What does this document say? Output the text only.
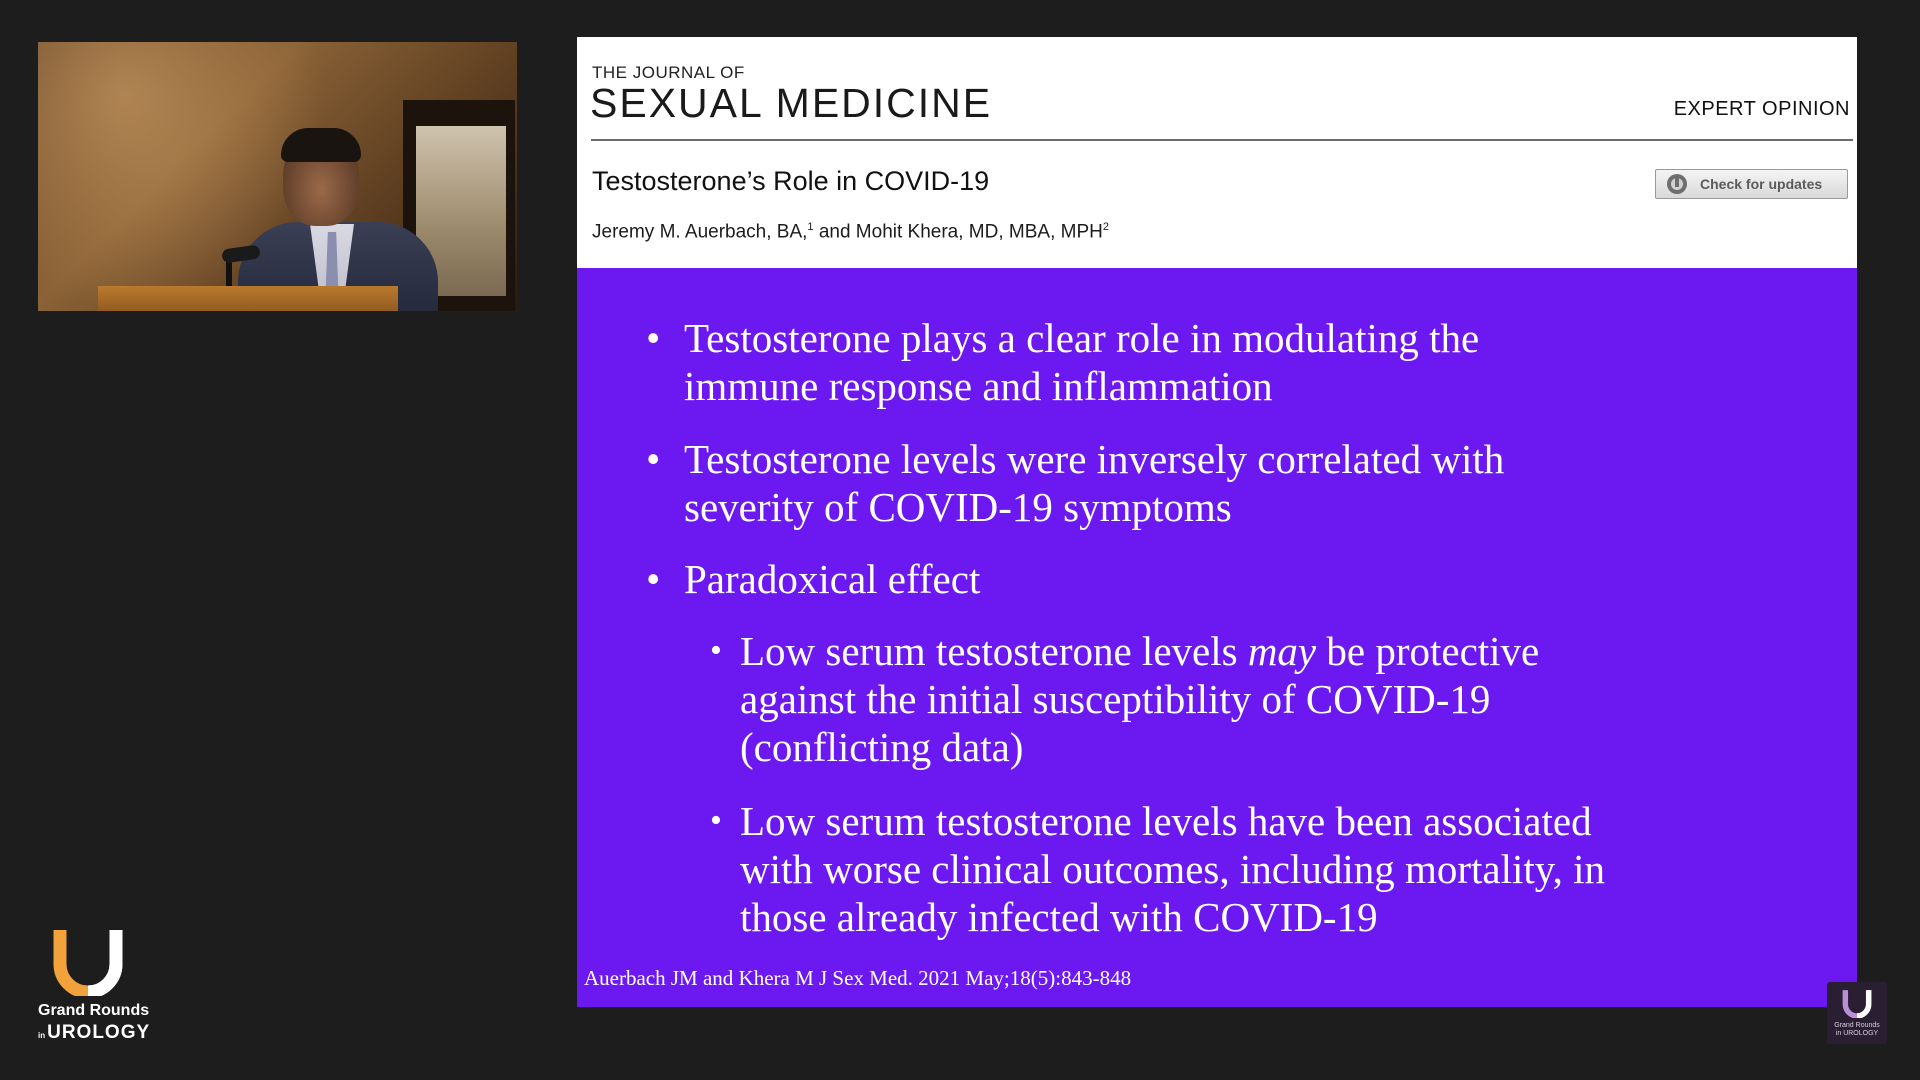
THE JOURNAL OF
SEXUAL MEDICINE	EXPERT OPINION
Testosterone’s Role in COVID-19
Jeremy M. Auerbach, BA,$^1$ and Mohit Khera, MD, MBA, MPH$^2$
Check for updates
• Testosterone plays a clear role in modulating the
immune response and inflammation
• Testosterone levels were inversely correlated with
severity of COVID-19 symptoms
• Paradoxical effect
• Low serum testosterone levels may be protective
against the initial susceptibility of COVID-19
(conflicting data)
• Low serum testosterone levels have been associated
with worse clinical outcomes, including mortality, in
those already infected with COVID-19
Auerbach JM and Khera M J Sex Med. 2021 May;18(5):843-848
Grand Rounds
in UROLOGY	Grand Rounds
in UROLOGY
